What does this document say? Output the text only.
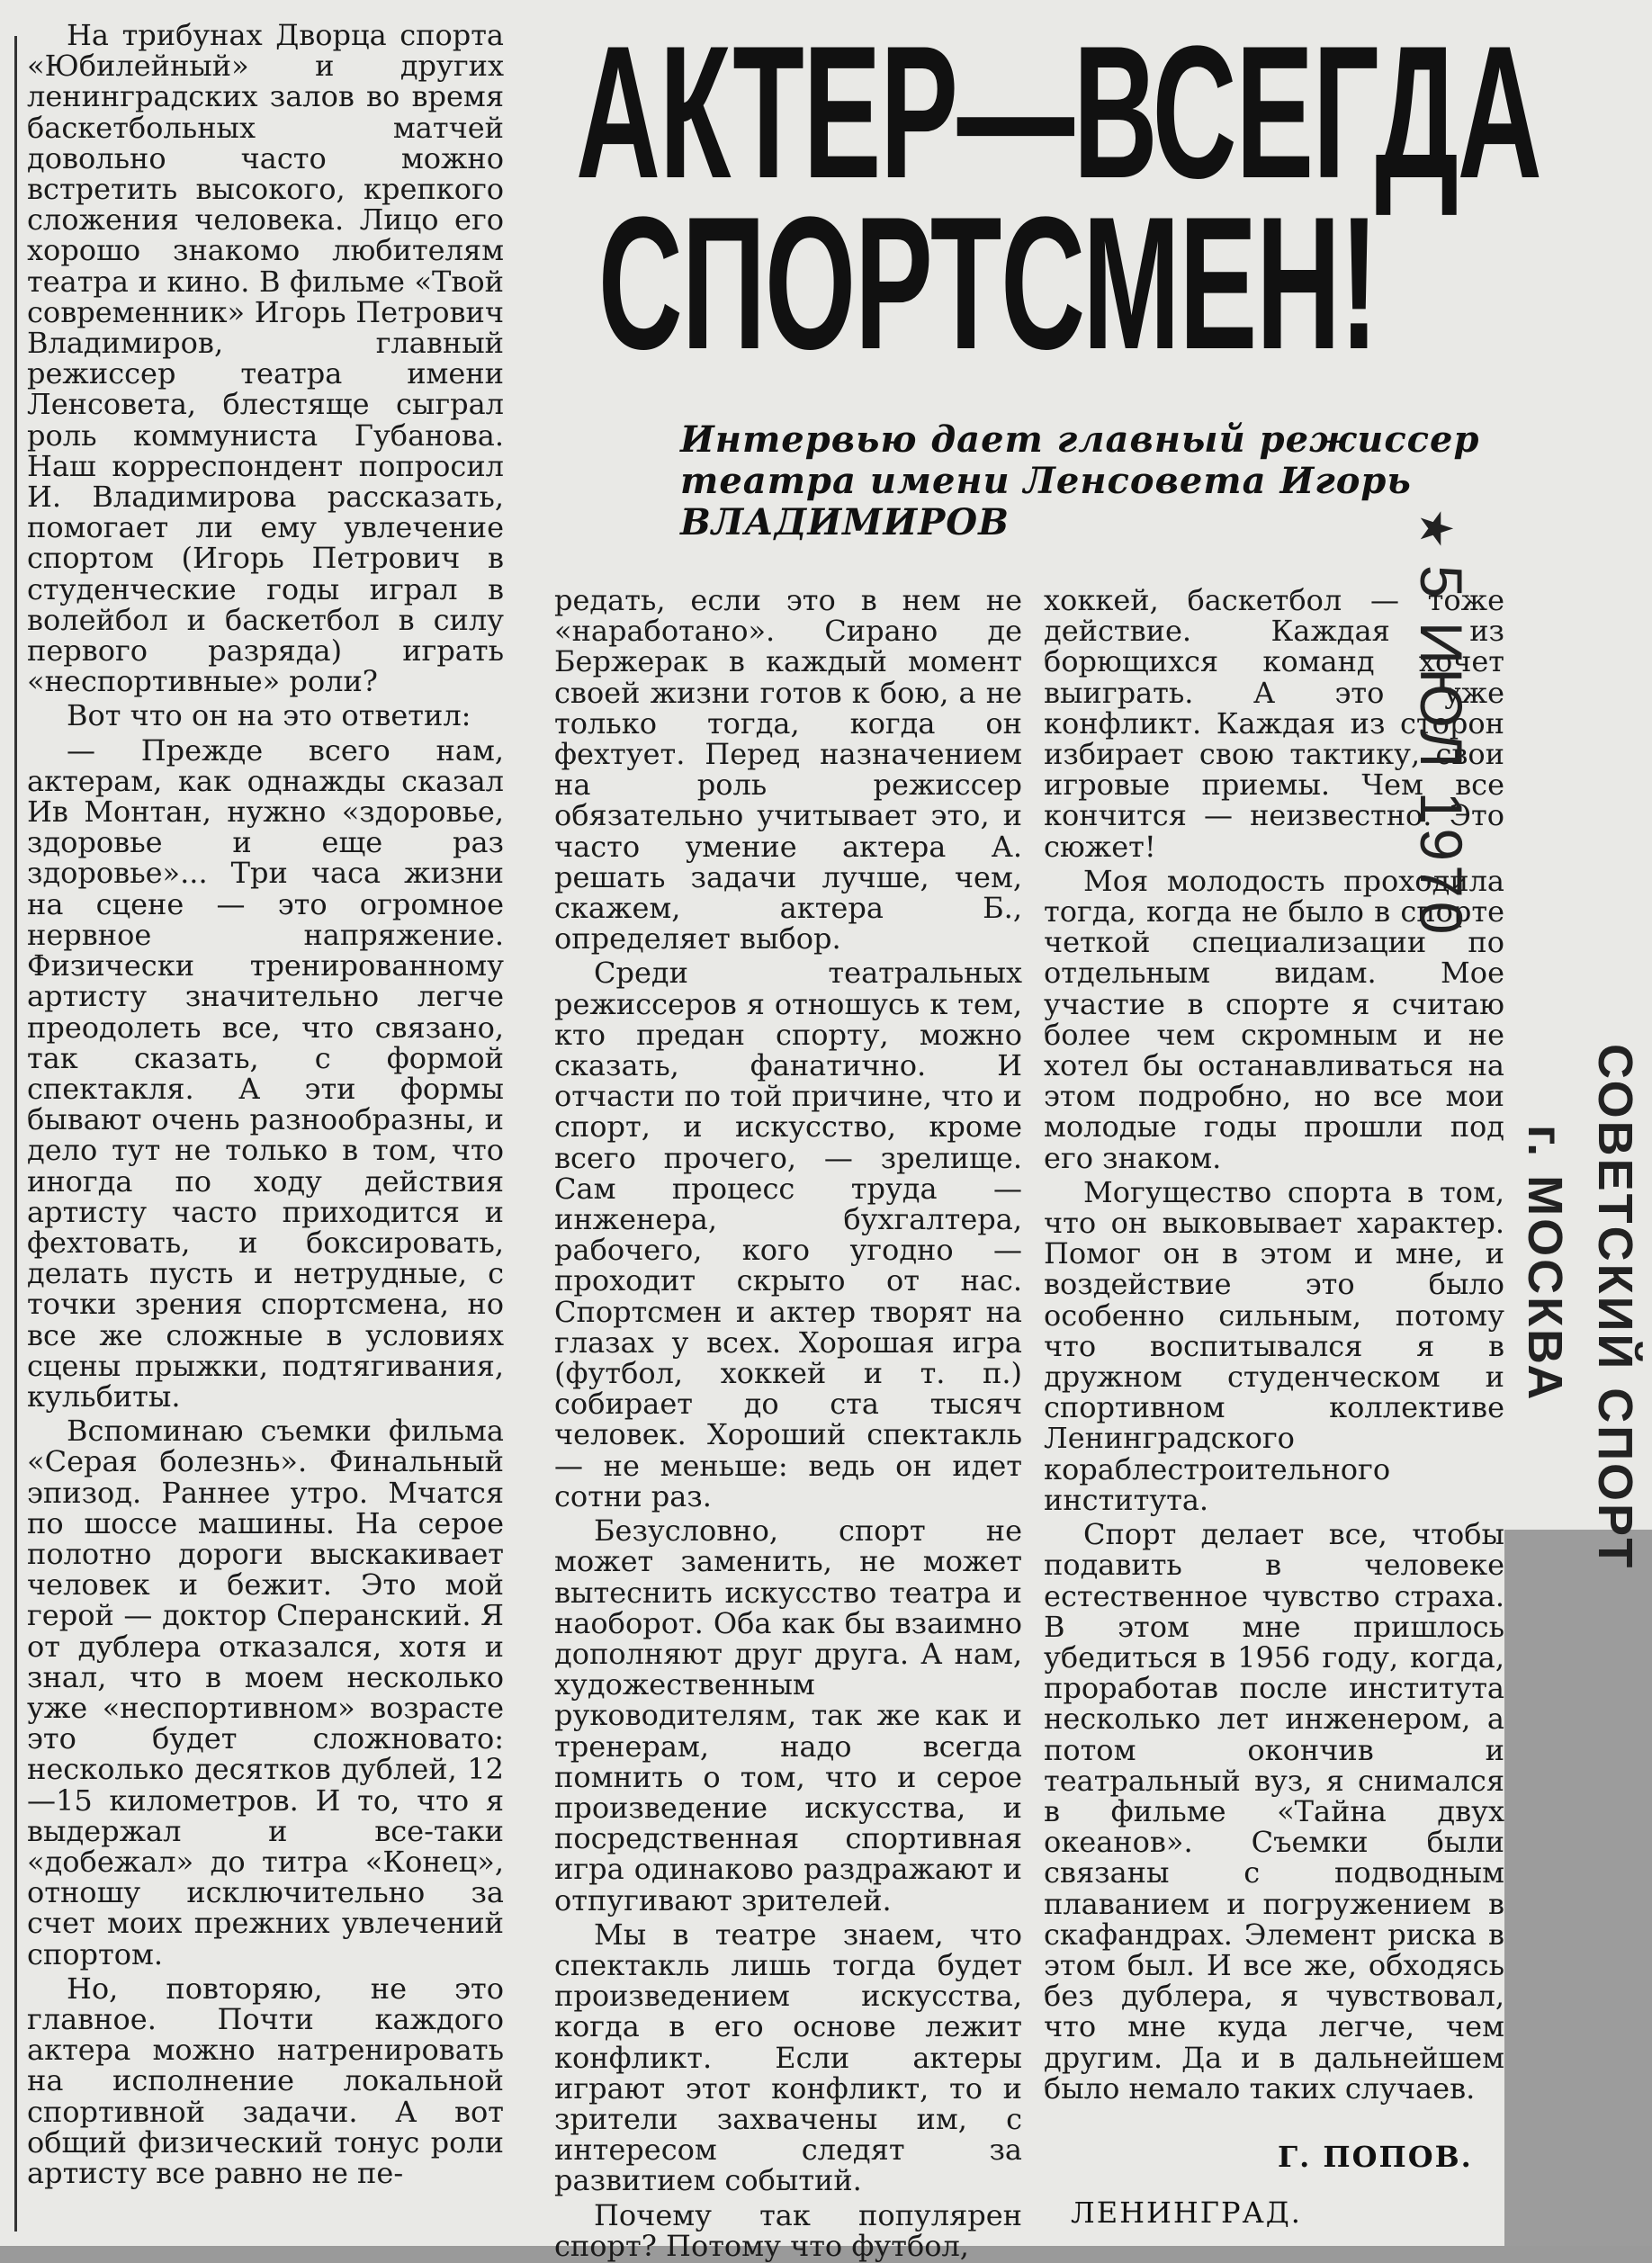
АКТЕР—ВСЕГДА
СПОРТСМЕН!
Интервью дает главный режиссер театра имени Ленсовета Игорь ВЛАДИМИРОВ

На трибунах Дворца спорта «Юбилейный» и других ленинградских залов во время баскетбольных матчей довольно часто можно встретить высокого, крепкого сложения человека. Лицо его хорошо знакомо любителям театра и кино. В фильме «Твой современник» Игорь Петрович Владимиров, главный режиссер театра имени Ленсовета, блестяще сыграл роль коммуниста Губанова. Наш корреспондент попросил И. Владимирова рассказать, помогает ли ему увлечение спортом (Игорь Петрович в студенческие годы играл в волейбол и баскетбол в силу первого разряда) играть «неспортивные» роли?

Вот что он на это ответил:

— Прежде всего нам, актерам, как однажды сказал Ив Монтан, нужно «здоровье, здоровье и еще раз здоровье»... Три часа жизни на сцене — это огромное нервное напряжение. Физически тренированному артисту значительно легче преодолеть все, что связано, так сказать, с формой спектакля. А эти формы бывают очень разнообразны, и дело тут не только в том, что иногда по ходу действия артисту часто приходится и фехтовать, и боксировать, делать пусть и нетрудные, с точки зрения спортсмена, но все же сложные в условиях сцены прыжки, подтягивания, кульбиты.

Вспоминаю съемки фильма «Серая болезнь». Финальный эпизод. Раннее утро. Мчатся по шоссе машины. На серое полотно дороги выскакивает человек и бежит. Это мой герой — доктор Сперанский. Я от дублера отказался, хотя и знал, что в моем несколько уже «неспортивном» возрасте это будет сложновато: несколько десятков дублей, 12—15 километров. И то, что я выдержал и все-таки «добежал» до титра «Конец», отношу исключительно за счет моих прежних увлечений спортом.

Но, повторяю, не это главное. Почти каждого актера можно натренировать на исполнение локальной спортивной задачи. А вот общий физический тонус роли артисту все равно не пе-

редать, если это в нем не «наработано». Сирано де Бержерак в каждый момент своей жизни готов к бою, а не только тогда, когда он фехтует. Перед назначением на роль режиссер обязательно учитывает это, и часто умение актера А. решать задачи лучше, чем, скажем, актера Б., определяет выбор.

Среди театральных режиссеров я отношусь к тем, кто предан спорту, можно сказать, фанатично. И отчасти по той причине, что и спорт, и искусство, кроме всего прочего, — зрелище. Сам процесс труда — инженера, бухгалтера, рабочего, кого угодно — проходит скрыто от нас. Спортсмен и актер творят на глазах у всех. Хорошая игра (футбол, хоккей и т. п.) собирает до ста тысяч человек. Хороший спектакль — не меньше: ведь он идет сотни раз.

Безусловно, спорт не может заменить, не может вытеснить искусство театра и наоборот. Оба как бы взаимно дополняют друг друга. А нам, художественным руководителям, так же как и тренерам, надо всегда помнить о том, что и серое произведение искусства, и посредственная спортивная игра одинаково раздражают и отпугивают зрителей.

Мы в театре знаем, что спектакль лишь тогда будет произведением искусства, когда в его основе лежит конфликт. Если актеры играют этот конфликт, то и зрители захвачены им, с интересом следят за развитием событий.

Почему так популярен спорт? Потому что футбол,

хоккей, баскетбол — тоже действие. Каждая из борющихся команд хочет выиграть. А это уже конфликт. Каждая из сторон избирает свою тактику, свои игровые приемы. Чем все кончится — неизвестно. Это сюжет!

Моя молодость проходила тогда, когда не было в спорте четкой специализации по отдельным видам. Мое участие в спорте я считаю более чем скромным и не хотел бы останавливаться на этом подробно, но все мои молодые годы прошли под его знаком.

Могущество спорта в том, что он выковывает характер. Помог он в этом и мне, и воздействие это было особенно сильным, потому что воспитывался я в дружном студенческом и спортивном коллективе Ленинградского кораблестроительного института.

Спорт делает все, чтобы подавить в человеке естественное чувство страха. В этом мне пришлось убедиться в 1956 году, когда, проработав после института несколько лет инженером, а потом окончив и театральный вуз, я снимался в фильме «Тайна двух океанов». Съемки были связаны с подводным плаванием и погружением в скафандрах. Элемент риска в этом был. И все же, обходясь без дублера, я чувствовал, что мне куда легче, чем другим. Да и в дальнейшем было немало таких случаев.

Г. ПОПОВ.
ЛЕНИНГРАД.
★5 ИЮЛ 1970
СОВЕТСКИЙ СПОРТ
г. МОСКВА
